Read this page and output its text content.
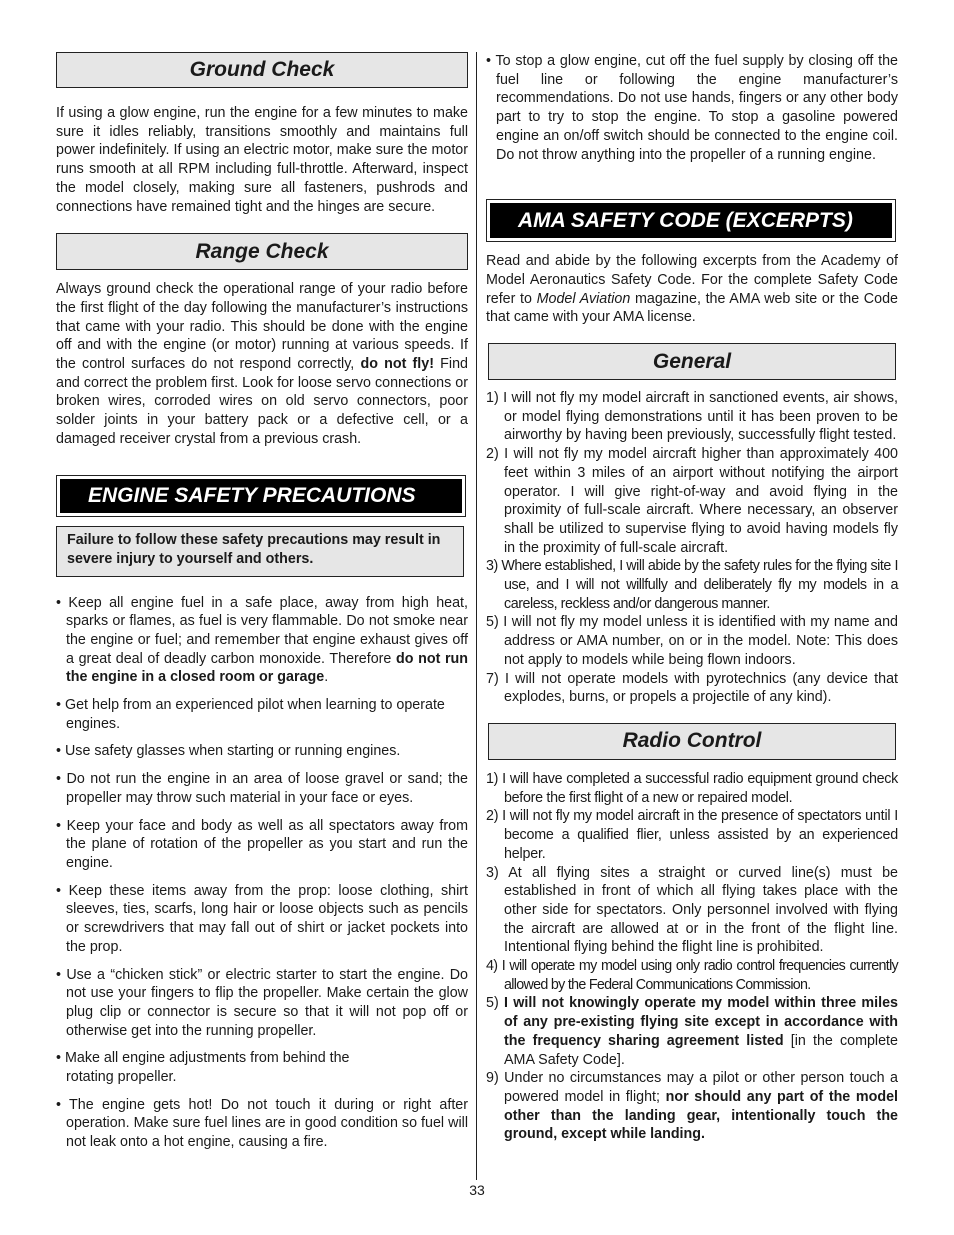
Ground Check

If using a glow engine, run the engine for a few minutes to make sure it idles reliably, transitions smoothly and maintains full power indefinitely. If using an electric motor, make sure the motor runs smooth at all RPM including full-throttle. Afterward, inspect the model closely, making sure all fasteners, pushrods and connections have remained tight and the hinges are secure.

Range Check

Always ground check the operational range of your radio before the first flight of the day following the manufacturer’s instructions that came with your radio. This should be done with the engine off and with the engine (or motor) running at various speeds. If the control surfaces do not respond correctly, do not fly! Find and correct the problem first. Look for loose servo connections or broken wires, corroded wires on old servo connectors, poor solder joints in your battery pack or a defective cell, or a damaged receiver crystal from a previous crash.

ENGINE SAFETY PRECAUTIONS
Failure to follow these safety precautions may result in severe injury to yourself and others.
• Keep all engine fuel in a safe place, away from high heat, sparks or flames, as fuel is very flammable. Do not smoke near the engine or fuel; and remember that engine exhaust gives off a great deal of deadly carbon monoxide. Therefore do not run the engine in a closed room or garage.
• Get help from an experienced pilot when learning to operate engines.
• Use safety glasses when starting or running engines.
• Do not run the engine in an area of loose gravel or sand; the propeller may throw such material in your face or eyes.
• Keep your face and body as well as all spectators away from the plane of rotation of the propeller as you start and run the engine.
• Keep these items away from the prop: loose clothing, shirt sleeves, ties, scarfs, long hair or loose objects such as pencils or screwdrivers that may fall out of shirt or jacket pockets into the prop.
• Use a “chicken stick” or electric starter to start the engine. Do not use your fingers to flip the propeller. Make certain the glow plug clip or connector is secure so that it will not pop off or otherwise get into the running propeller.
• Make all engine adjustments from behind the rotating propeller.
• The engine gets hot! Do not touch it during or right after operation. Make sure fuel lines are in good condition so fuel will not leak onto a hot engine, causing a fire.
• To stop a glow engine, cut off the fuel supply by closing off the fuel line or following the engine manufacturer’s recommendations. Do not use hands, fingers or any other body part to try to stop the engine. To stop a gasoline powered engine an on/off switch should be connected to the engine coil. Do not throw anything into the propeller of a running engine.
AMA SAFETY CODE (EXCERPTS)

Read and abide by the following excerpts from the Academy of Model Aeronautics Safety Code. For the complete Safety Code refer to Model Aviation magazine, the AMA web site or the Code that came with your AMA license.

General
1) I will not fly my model aircraft in sanctioned events, air shows, or model flying demonstrations until it has been proven to be airworthy by having been previously, successfully flight tested.
2) I will not fly my model aircraft higher than approximately 400 feet within 3 miles of an airport without notifying the airport operator. I will give right-of-way and avoid flying in the proximity of full-scale aircraft. Where necessary, an observer shall be utilized to supervise flying to avoid having models fly in the proximity of full-scale aircraft.
3) Where established, I will abide by the safety rules for the flying site I use, and I will not willfully and deliberately fly my models in a careless, reckless and/or dangerous manner.
5) I will not fly my model unless it is identified with my name and address or AMA number, on or in the model. Note: This does not apply to models while being flown indoors.
7) I will not operate models with pyrotechnics (any device that explodes, burns, or propels a projectile of any kind).
Radio Control
1) I will have completed a successful radio equipment ground check before the first flight of a new or repaired model.
2) I will not fly my model aircraft in the presence of spectators until I become a qualified flier, unless assisted by an experienced helper.
3) At all flying sites a straight or curved line(s) must be established in front of which all flying takes place with the other side for spectators. Only personnel involved with flying the aircraft are allowed at or in the front of the flight line. Intentional flying behind the flight line is prohibited.
4) I will operate my model using only radio control frequencies currently allowed by the Federal Communications Commission.
5) I will not knowingly operate my model within three miles of any pre-existing flying site except in accordance with the frequency sharing agreement listed [in the complete AMA Safety Code].
9) Under no circumstances may a pilot or other person touch a powered model in flight; nor should any part of the model other than the landing gear, intentionally touch the ground, except while landing.
33
